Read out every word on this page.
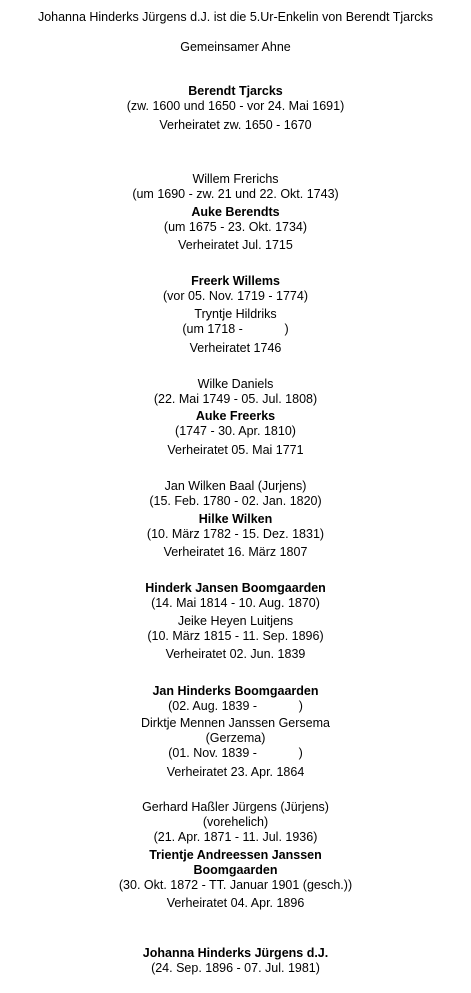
Johanna Hinderks Jürgens d.J. ist die 5.Ur-Enkelin von Berendt Tjarcks
Gemeinsamer Ahne
Berendt Tjarcks
(zw. 1600 und 1650 - vor 24. Mai 1691)
Verheiratet zw. 1650 - 1670
Willem Frerichs
(um 1690 - zw. 21 und 22. Okt. 1743)
Auke Berendts
(um 1675 - 23. Okt. 1734)
Verheiratet Jul. 1715
Freerk Willems
(vor 05. Nov. 1719 - 1774)
Tryntje Hildriks
(um 1718 -            )
Verheiratet 1746
Wilke Daniels
(22. Mai 1749 - 05. Jul. 1808)
Auke Freerks
(1747 - 30. Apr. 1810)
Verheiratet 05. Mai 1771
Jan Wilken Baal (Jurjens)
(15. Feb. 1780 - 02. Jan. 1820)
Hilke Wilken
(10. März 1782 - 15. Dez. 1831)
Verheiratet 16. März 1807
Hinderk Jansen Boomgaarden
(14. Mai 1814 - 10. Aug. 1870)
Jeike Heyen Luitjens
(10. März 1815 - 11. Sep. 1896)
Verheiratet 02. Jun. 1839
Jan Hinderks Boomgaarden
(02. Aug. 1839 -            )
Dirktje Mennen Janssen Gersema
(Gerzema)
(01. Nov. 1839 -            )
Verheiratet 23. Apr. 1864
Gerhard Haßler Jürgens (Jürjens)
(vorehelich)
(21. Apr. 1871 - 11. Jul. 1936)
Trientje Andreessen Janssen
Boomgaarden
(30. Okt. 1872 - TT. Januar 1901 (gesch.))
Verheiratet 04. Apr. 1896
Johanna Hinderks Jürgens d.J.
(24. Sep. 1896 - 07. Jul. 1981)
